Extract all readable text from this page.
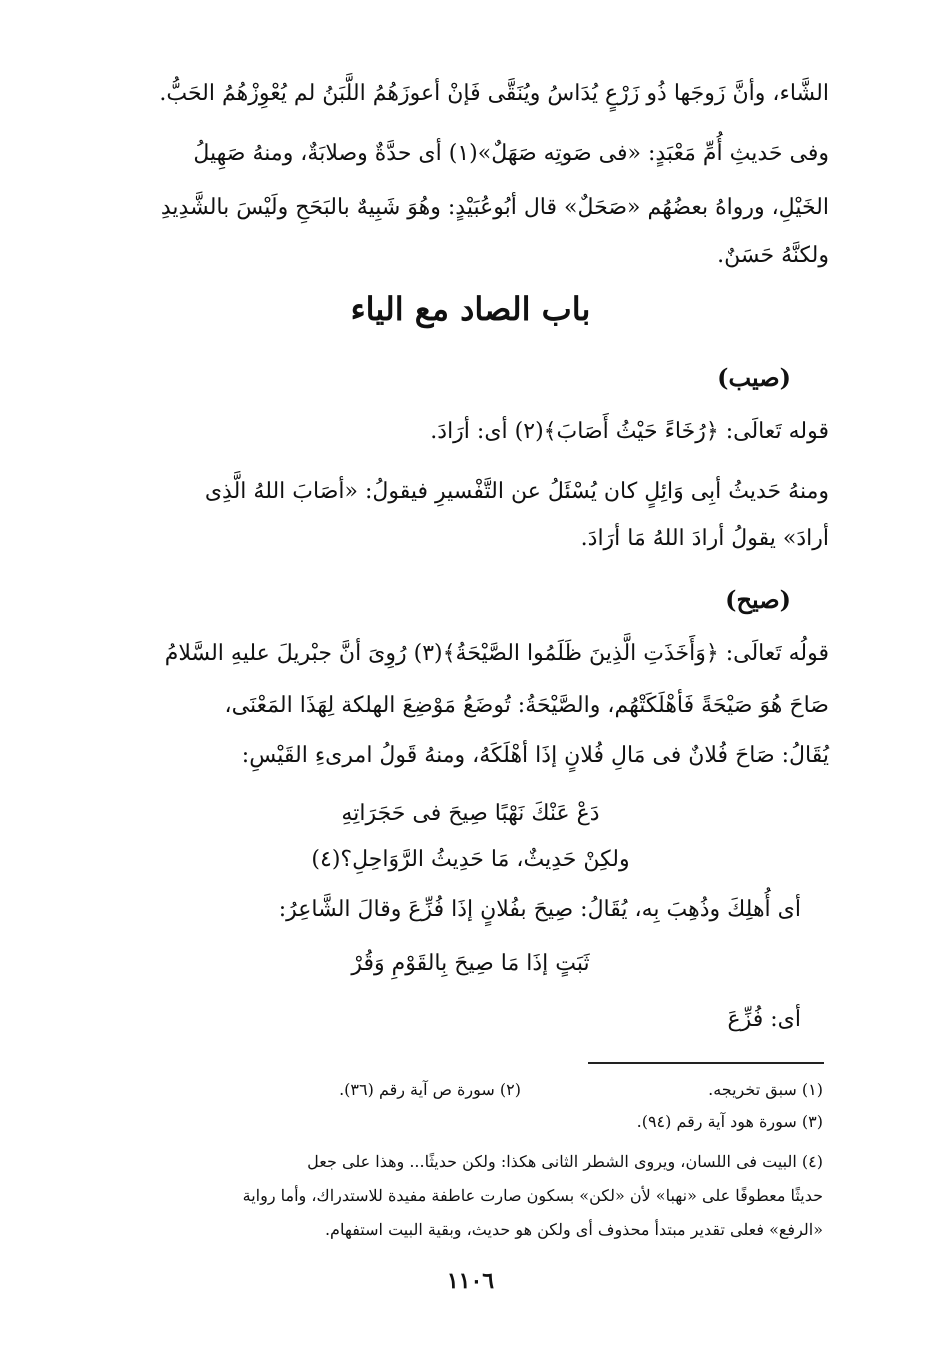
الشَّاء، وأنَّ زَوجَها ذُو زَرْعٍ يُدَاسُ ويُنَقَّى فَإنْ أعوزَهُمُ اللَّبَنُ لم يُعْوِزْهُمُ الحَبُّ.

وفى حَديثِ أُمِّ مَعْبَدٍ: «فى صَوتِه صَهَلٌ»(١) أى حدَّةٌ وصلابَةٌ، ومنهُ صَهِيلُ

الخَيْلِ، ورواهُ بعضُهُم «صَحَلٌ» قال أبُوعُبَيْدٍ: وهُوَ شَبِيهٌ بالبَحَحِ ولَيْسَ بالشَّدِيدِ

ولكنَّهُ حَسَنٌ.

باب الصاد مع الياء

(صيب)

قوله تَعالَى: ﴿رُخَاءً حَيْثُ أَصَابَ﴾(٢) أى: أرَادَ.

ومنهُ حَديثُ أبِى وَائِلٍ كان يُسْئَلُ عن التَّفْسيرِ فيقولُ: «أصَابَ اللهُ الَّذِى

أرادَ» يقولُ أرادَ اللهُ مَا أرَادَ.

(صيح)

قولُه تَعالَى: ﴿وَأَخَذَتِ الَّذِينَ ظَلَمُوا الصَّيْحَةُ﴾(٣) رُوِىَ أنَّ جبْريلَ عليهِ السَّلامُ

صَاحَ هُوَ صَيْحَةً فَأهْلَكَتْهُم، والصَّيْحَةُ: تُوضَعُ مَوْضِعَ الهلكة لِهَذَا المَعْنَى،

يُقَالُ: صَاحَ فُلانٌ فى مَالِ فُلانٍ إذَا أهْلَكَهُ، ومنهُ قَولُ امرىءِ القَيْسِ:

دَعْ عَنْكَ نَهْبًا صِيحَ فى حَجَرَاتِهِ

ولكِنْ حَدِيثٌ، مَا حَدِيثُ الرَّوَاحِلِ؟(٤)

أى أُهلِكَ وذُهِبَ بِه، يُقَالُ: صِيحَ بفُلانٍ إذَا فُزِّعَ وقالَ الشَّاعِرُ:

ثَبَتٍ إذَا مَا صِيحَ بِالقَوْمِ وَقُرْ

أى: فُزِّعَ

(١) سبق تخريجه.

(٢) سورة ص آية رقم (٣٦).

(٣) سورة هود آية رقم (٩٤).

(٤) البيت فى اللسان، ويروى الشطر الثانى هكذا: ولكن حديثًا... وهذا على جعل

حديثًا معطوفًا على «نهبا» لأن «لكن» بسكون صارت عاطفة مفيدة للاستدراك، وأما رواية

«الرفع» فعلى تقدير مبتدأ محذوف أى ولكن هو حديث، وبقية البيت استفهام.

١١٠٦
